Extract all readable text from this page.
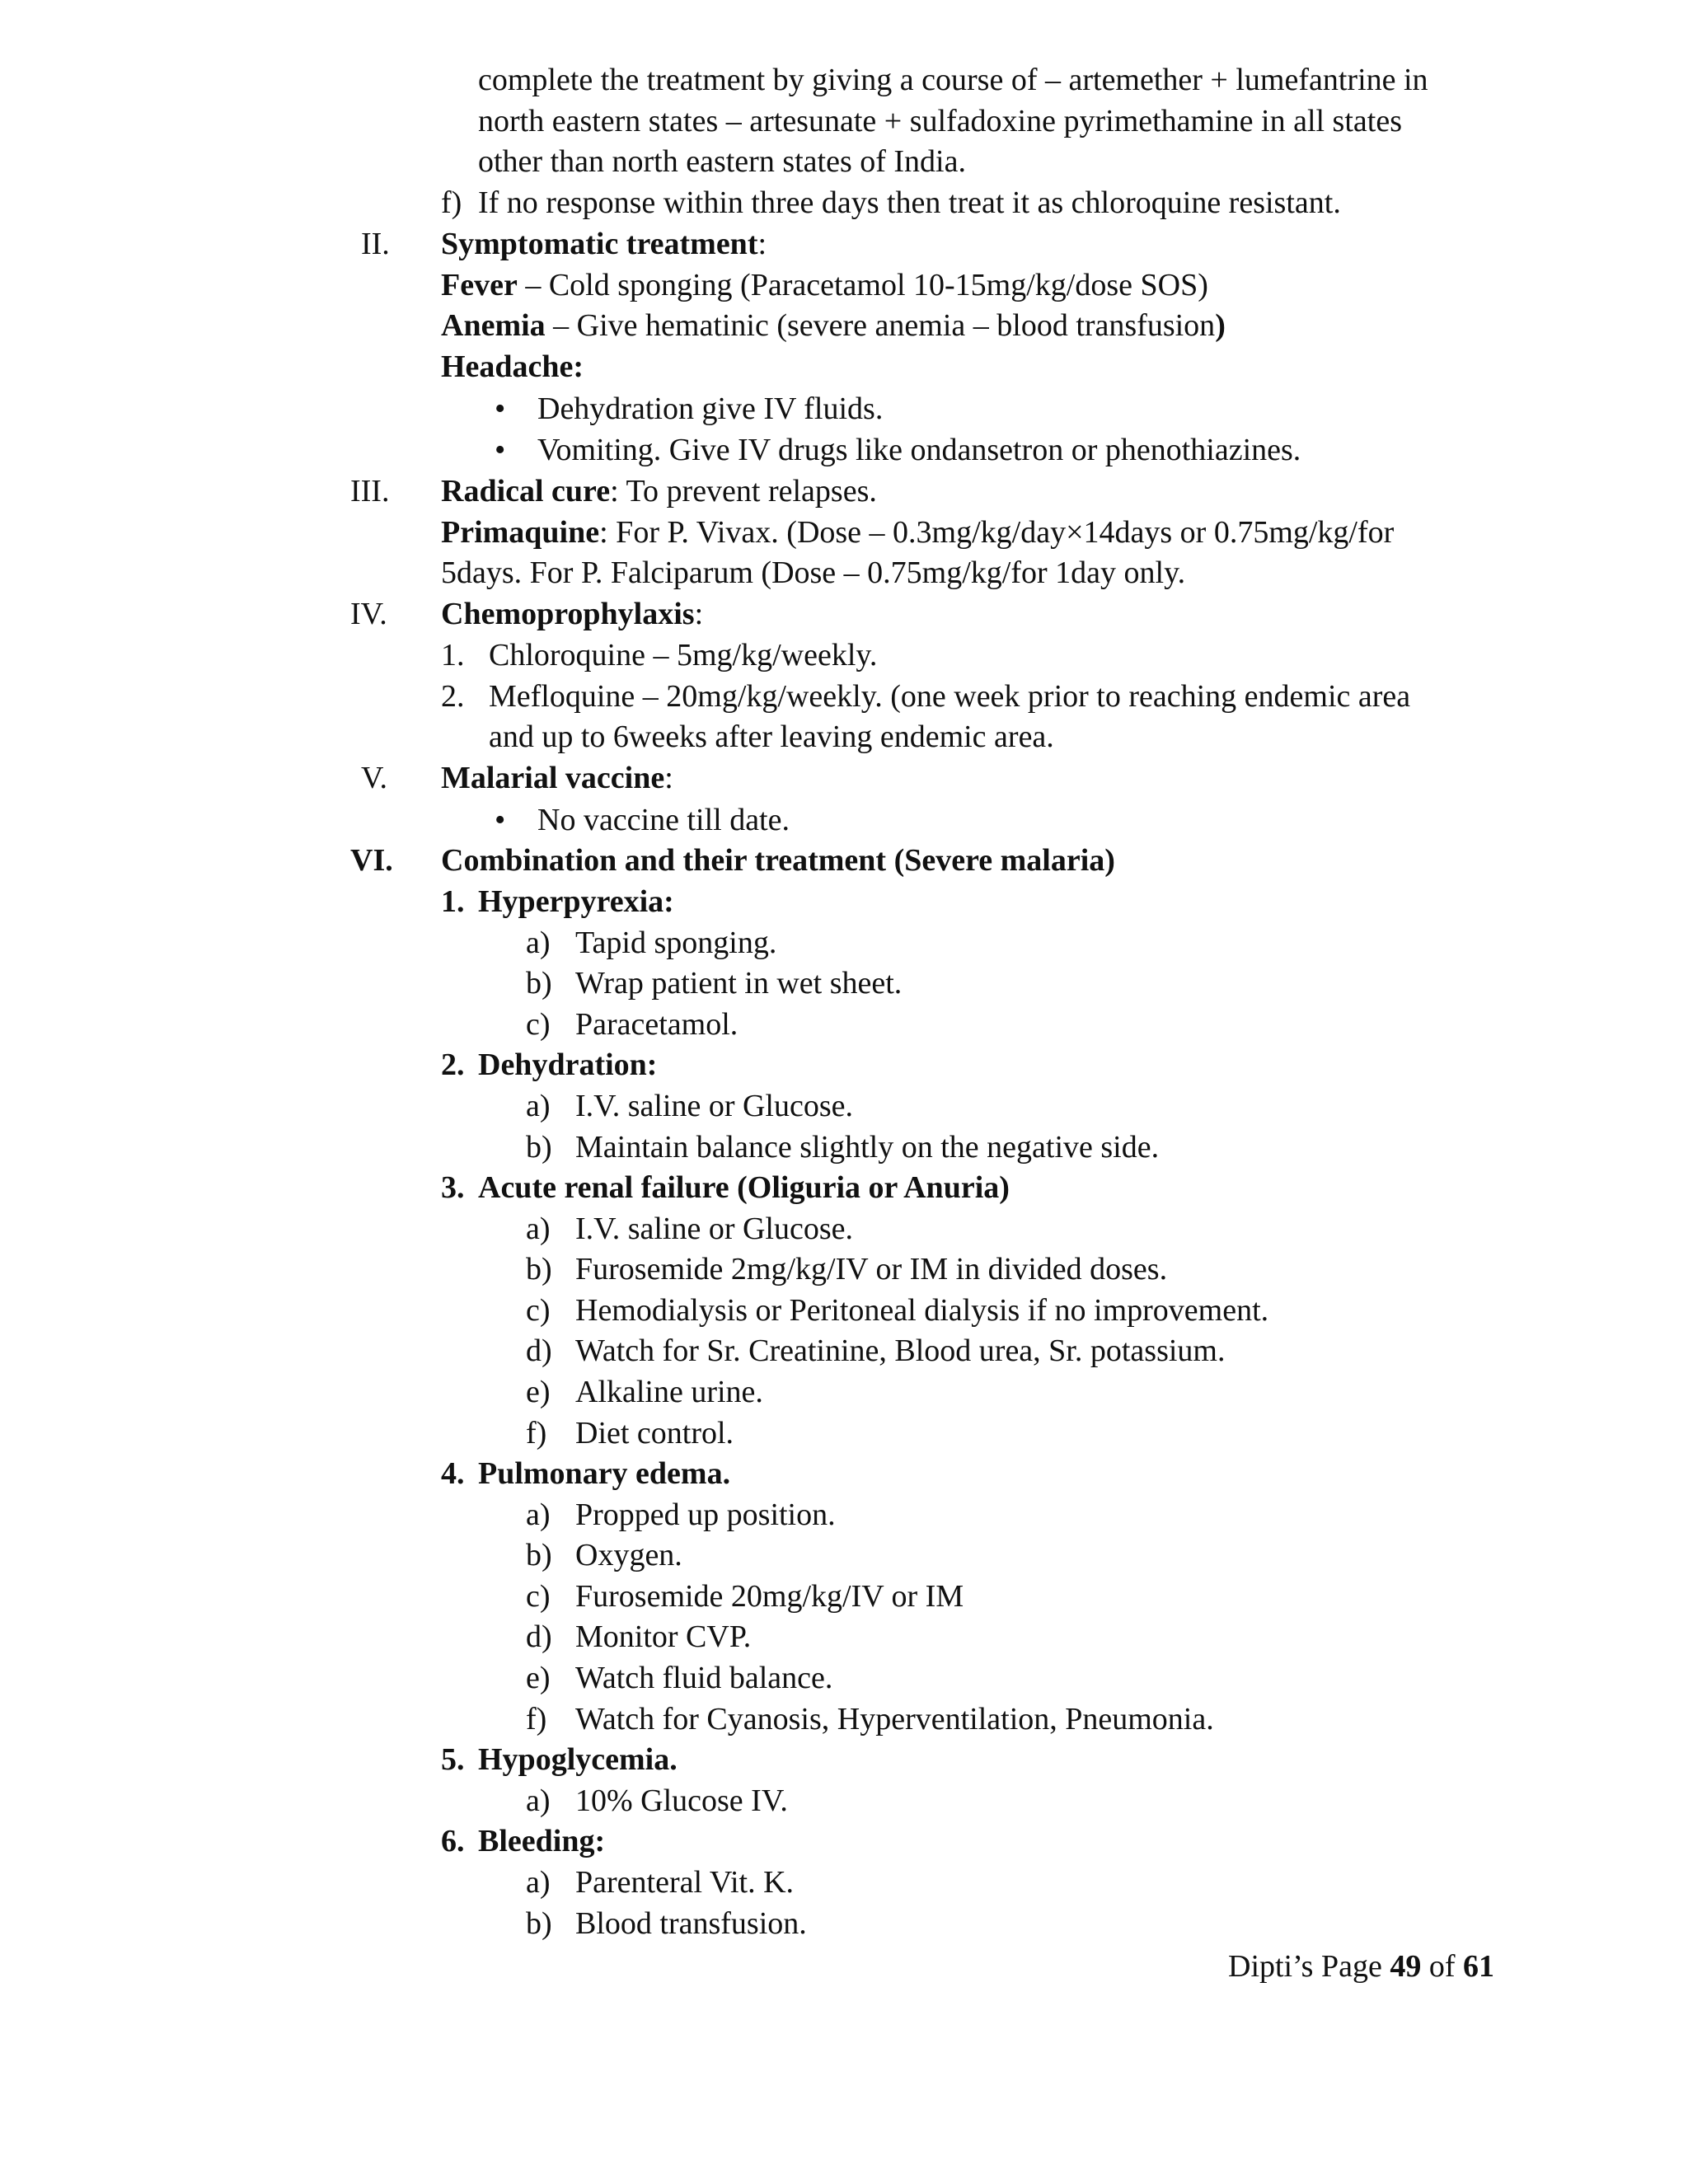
complete the treatment by giving a course of – artemether + lumefantrine in
north eastern states – artesunate + sulfadoxine pyrimethamine in all states
other than north eastern states of India.
f) If no response within three days then treat it as chloroquine resistant.
II. Symptomatic treatment:
Fever – Cold sponging (Paracetamol 10-15mg/kg/dose SOS)
Anemia – Give hematinic (severe anemia – blood transfusion)
Headache:
• Dehydration give IV fluids.
• Vomiting. Give IV drugs like ondansetron or phenothiazines.
III. Radical cure: To prevent relapses.
Primaquine: For P. Vivax. (Dose – 0.3mg/kg/day×14days or 0.75mg/kg/for
5days. For P. Falciparum (Dose – 0.75mg/kg/for 1day only.
IV. Chemoprophylaxis:
1. Chloroquine – 5mg/kg/weekly.
2. Mefloquine – 20mg/kg/weekly. (one week prior to reaching endemic area
and up to 6weeks after leaving endemic area.
V. Malarial vaccine:
• No vaccine till date.
VI. Combination and their treatment (Severe malaria)
1. Hyperpyrexia:
a) Tapid sponging.
b) Wrap patient in wet sheet.
c) Paracetamol.
2. Dehydration:
a) I.V. saline or Glucose.
b) Maintain balance slightly on the negative side.
3. Acute renal failure (Oliguria or Anuria)
a) I.V. saline or Glucose.
b) Furosemide 2mg/kg/IV or IM in divided doses.
c) Hemodialysis or Peritoneal dialysis if no improvement.
d) Watch for Sr. Creatinine, Blood urea, Sr. potassium.
e) Alkaline urine.
f) Diet control.
4. Pulmonary edema.
a) Propped up position.
b) Oxygen.
c) Furosemide 20mg/kg/IV or IM
d) Monitor CVP.
e) Watch fluid balance.
f) Watch for Cyanosis, Hyperventilation, Pneumonia.
5. Hypoglycemia.
a) 10% Glucose IV.
6. Bleeding:
a) Parenteral Vit. K.
b) Blood transfusion.
Dipti’s Page 49 of 61
